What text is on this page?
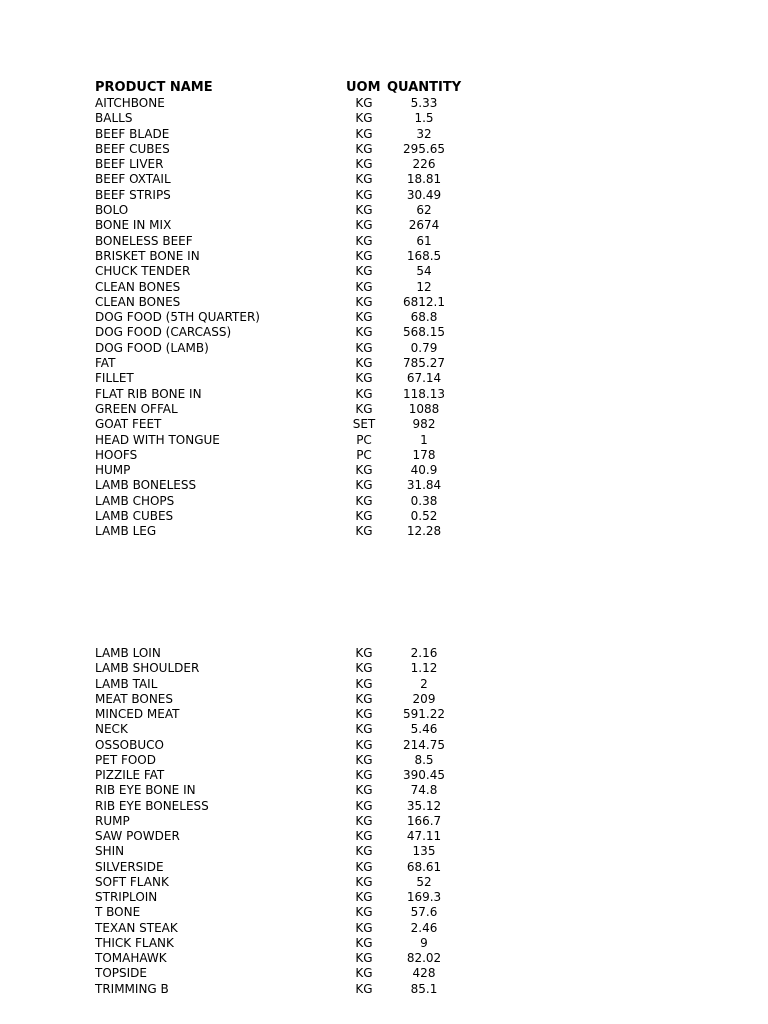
PRODUCT NAME	UOM QUANTITY
AITCHBONE	KG	5.33
BALLS	KG	1.5
BEEF BLADE	KG	32
BEEF CUBES	KG	295.65
BEEF LIVER	KG	226
BEEF OXTAIL	KG	18.81
BEEF STRIPS	KG	30.49
BOLO	KG	62
BONE IN MIX	KG	2674
BONELESS BEEF	KG	61
BRISKET BONE IN	KG	168.5
CHUCK TENDER	KG	54
CLEAN BONES	KG	12
CLEAN BONES	KG	6812.1
DOG FOOD (5TH QUARTER)	KG	68.8
DOG FOOD (CARCASS)	KG	568.15
DOG FOOD (LAMB)	KG	0.79
FAT	KG	785.27
FILLET	KG	67.14
FLAT RIB BONE IN	KG	118.13
GREEN OFFAL	KG	1088
GOAT FEET	SET	982
HEAD WITH TONGUE	PC	1
HOOFS	PC	178
HUMP	KG	40.9
LAMB BONELESS	KG	31.84
LAMB CHOPS	KG	0.38
LAMB CUBES	KG	0.52
LAMB LEG	KG	12.28
LAMB LOIN	KG	2.16
LAMB SHOULDER	KG	1.12
LAMB TAIL	KG	2
MEAT BONES	KG	209
MINCED MEAT	KG	591.22
NECK	KG	5.46
OSSOBUCO	KG	214.75
PET FOOD	KG	8.5
PIZZILE FAT	KG	390.45
RIB EYE BONE IN	KG	74.8
RIB EYE BONELESS	KG	35.12
RUMP	KG	166.7
SAW POWDER	KG	47.11
SHIN	KG	135
SILVERSIDE	KG	68.61
SOFT FLANK	KG	52
STRIPLOIN	KG	169.3
T BONE	KG	57.6
TEXAN STEAK	KG	2.46
THICK FLANK	KG	9
TOMAHAWK	KG	82.02
TOPSIDE	KG	428
TRIMMING B	KG	85.1
